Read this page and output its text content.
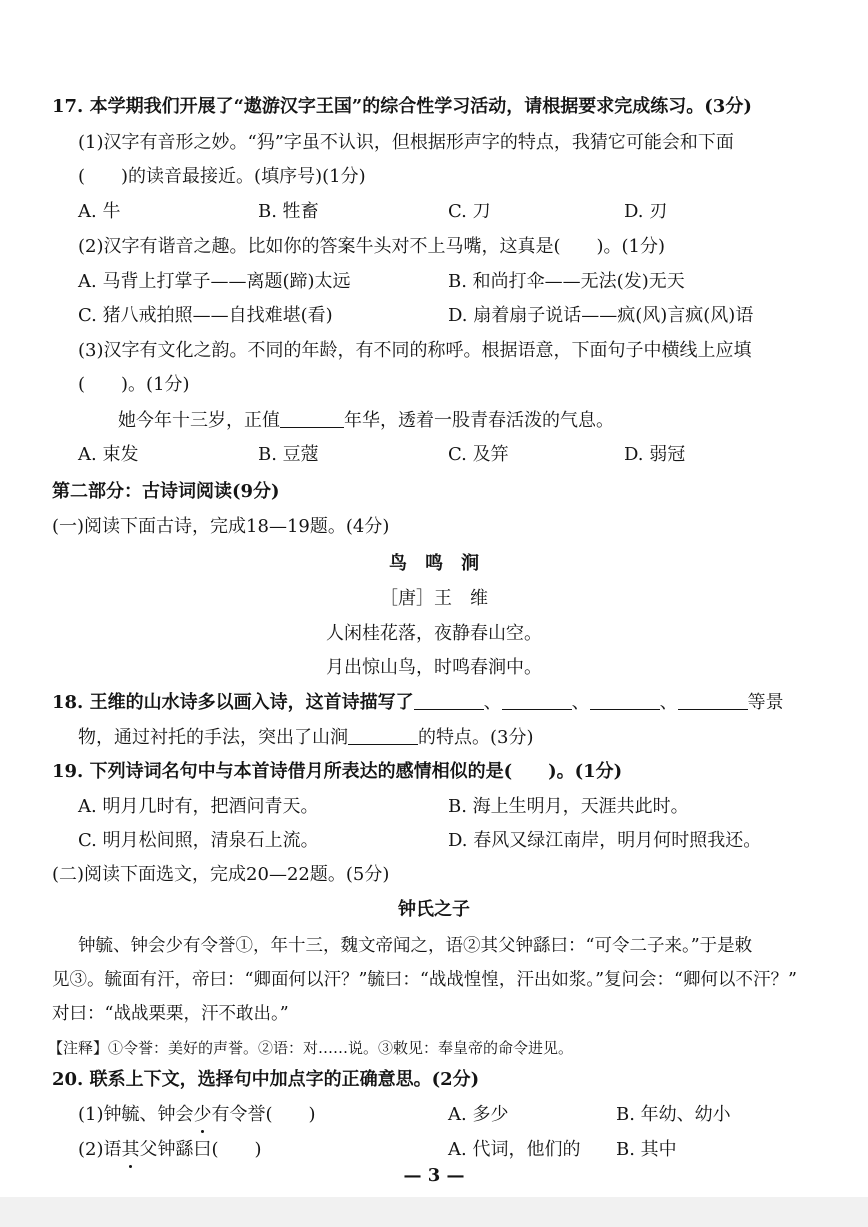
17. 本学期我们开展了“遨游汉字王国”的综合性学习活动，请根据要求完成练习。(3分)
(1)汉字有音形之妙。“犸”字虽不认识，但根据形声字的特点，我猜它可能会和下面
(　　)的读音最接近。(填序号)(1分)
A. 牛	B. 牲畜	C. 刀	D. 刃
(2)汉字有谐音之趣。比如你的答案牛头对不上马嘴，这真是(　　)。(1分)
A. 马背上打掌子——离题(蹄)太远	B. 和尚打伞——无法(发)无天
C. 猪八戒拍照——自找难堪(看)	D. 扇着扇子说话——疯(风)言疯(风)语
(3)汉字有文化之韵。不同的年龄，有不同的称呼。根据语意，下面句子中横线上应填
(　　)。(1分)
她今年十三岁，正值	年华，透着一股青春活泼的气息。
A. 束发	B. 豆蔻	C. 及笄	D. 弱冠
第二部分：古诗词阅读(9分)
(一)阅读下面古诗，完成18—19题。(4分)
鸟　鸣　涧
［唐］王　维
人闲桂花落，夜静春山空。
月出惊山鸟，时鸣春涧中。
18. 王维的山水诗多以画入诗，这首诗描写了	、	、	、	等景
物，通过衬托的手法，突出了山涧	的特点。(3分)
19. 下列诗词名句中与本首诗借月所表达的感情相似的是(　　)。(1分)
A. 明月几时有，把酒问青天。	B. 海上生明月，天涯共此时。
C. 明月松间照，清泉石上流。	D. 春风又绿江南岸，明月何时照我还。
(二)阅读下面选文，完成20—22题。(5分)
钟氏之子
钟毓、钟会少有令誉①，年十三，魏文帝闻之，语②其父钟繇曰：“可令二子来。”于是敕
见③。毓面有汗，帝曰：“卿面何以汗？”毓曰：“战战惶惶，汗出如浆。”复问会：“卿何以不汗？”
对曰：“战战栗栗，汗不敢出。”
【注释】①令誉：美好的声誉。②语：对……说。③敕见：奉皇帝的命令进见。
20. 联系上下文，选择句中加点字的正确意思。(2分)
(1)钟毓、钟会少有令誉(　　)	A. 多少	B. 年幼、幼小
(2)语其父钟繇曰(　　)	A. 代词，他们的 B. 其中
— 3 —
